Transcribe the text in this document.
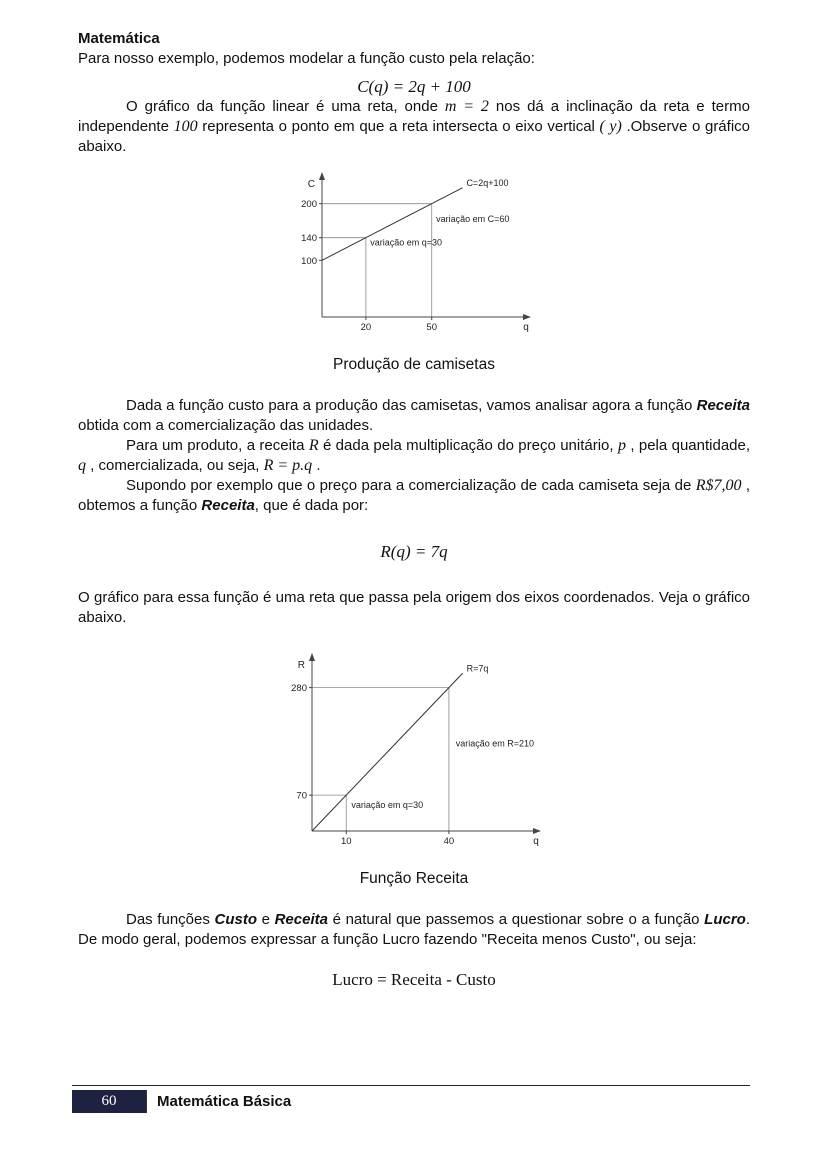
Matemática

Para nosso exemplo, podemos modelar a função custo pela relação:

C(q) = 2q + 100

O gráfico da função linear é uma reta, onde m = 2 nos dá a inclinação da reta e termo independente 100 representa o ponto em que a reta intersecta o eixo vertical ( y) .Observe o gráfico abaixo.

C
q
100
140
200
20	50
C=2q+100
variação em C=60
variação em q=30
Produção de camisetas

Dada a função custo para a produção das camisetas, vamos analisar agora a função Receita obtida com a comercialização das unidades.

Para um produto, a receita R é dada pela multiplicação do preço unitário, p , pela quantidade, q , comercializada, ou seja, R = p.q .

Supondo por exemplo que o preço para a comercialização de cada camiseta seja de R$7,00 , obtemos a função Receita, que é dada por:

R(q) = 7q

O gráfico para essa função é uma reta que passa pela origem dos eixos coordenados. Veja o gráfico abaixo.

R
q
70
280
10	40
R=7q
variação em R=210
variação em q=30
Função Receita

Das funções Custo e Receita é natural que passemos a questionar sobre o a função Lucro. De modo geral, podemos expressar a função Lucro fazendo "Receita menos Custo", ou seja:

Lucro = Receita - Custo
60	Matemática Básica
